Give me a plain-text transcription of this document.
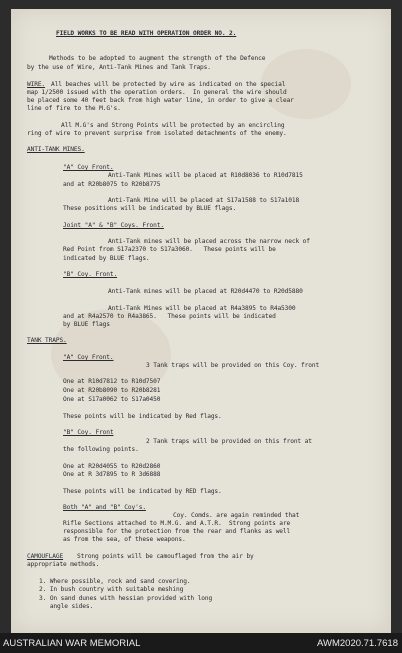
FIELD WORKS TO BE READ WITH OPERATION ORDER NO. 2.
Methods to be adopted to augment the strength of the Defence
by the use of Wire, Anti-Tank Mines and Tank Traps.
WIRE. All beaches will be protected by wire as indicated on the special
map 1/2500 issued with the operation orders.  In general the wire should
be placed some 40 feet back from high water line, in order to give a clear
line of fire to the M.G's.
All M.G's and Strong Points will be protected by an encircling
ring of wire to prevent surprise from isolated detachments of the enemy.
ANTI-TANK MINES.
"A" Coy Front.
Anti-Tank Mines will be placed at R10d8036 to R10d7815
and at R20b8075 to R20b8775
Anti-Tank Mine will be placed at S17a1588 to S17a1018
These positions will be indicated by BLUE flags.
Joint "A" & "B" Coys. Front.
Anti-Tank mines will be placed across the narrow neck of
Red Point from S17a2370 to S17a3060.   These points will be
indicated by BLUE flags.
"B" Coy. Front.
Anti-Tank mines will be placed at R20d4470 to R20d5880
Anti-Tank Mines will be placed at R4a3895 to R4a5300
and at R4a2570 to R4a3865.   These points will be indicated
by BLUE flags
TANK TRAPS.
"A" Coy Front.
3 Tank traps will be provided on this Coy. front
One at R10d7812 to R10d7507
One at R20b8090 to R20b8281
One at S17a0062 to S17a0450
These points will be indicated by Red flags.
"B" Coy. Front
2 Tank traps will be provided on this front at
the following points.
One at R20d4055 to R20d2860
One at R 3d7895 to R 3d6888
These points will be indicated by RED flags.
Both "A" and "B" Coy's.
Coy. Comds. are again reminded that
Rifle Sections attached to M.M.G. and A.T.R.  Strong points are
responsible for the protection from the rear and flanks as well
as from the sea, of these weapons.
CAMOUFLAGE Strong points will be camouflaged from the air by
appropriate methods.
1. Where possible, rock and sand covering.
2. In bush country with suitable meshing
3. On sand dunes with hessian provided with long
angle sides.
AUSTRALIAN WAR MEMORIAL	AWM2020.71.7618
